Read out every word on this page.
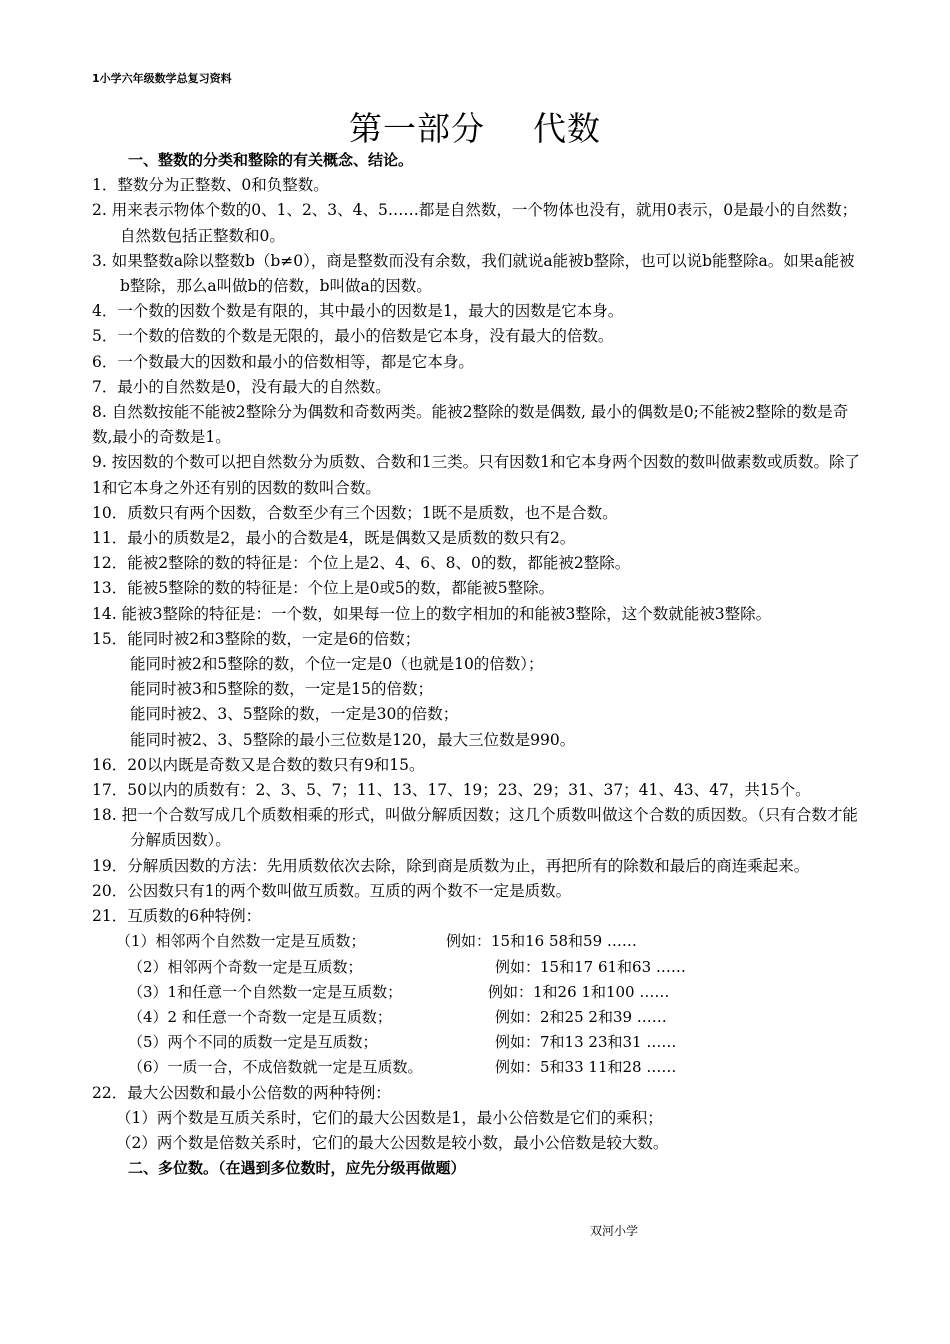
1小学六年级数学总复习资料
第一部分 代数

一、整数的分类和整除的有关概念、结论。

1．整数分为正整数、0和负整数。

2. 用来表示物体个数的0、1、2、3、4、5……都是自然数，一个物体也没有，就用0表示，0是最小的自然数；自然数包括正整数和0。

3. 如果整数a除以整数b（b≠0），商是整数而没有余数，我们就说a能被b整除，也可以说b能整除a。如果a能被b整除，那么a叫做b的倍数，b叫做a的因数。

4．一个数的因数个数是有限的，其中最小的因数是1，最大的因数是它本身。

5．一个数的倍数的个数是无限的，最小的倍数是它本身，没有最大的倍数。

6．一个数最大的因数和最小的倍数相等，都是它本身。

7．最小的自然数是0，没有最大的自然数。

8. 自然数按能不能被2整除分为偶数和奇数两类。能被2整除的数是偶数, 最小的偶数是0;不能被2整除的数是奇数,最小的奇数是1。

9. 按因数的个数可以把自然数分为质数、合数和1三类。只有因数1和它本身两个因数的数叫做素数或质数。除了1和它本身之外还有别的因数的数叫合数。

10．质数只有两个因数，合数至少有三个因数；1既不是质数，也不是合数。

11．最小的质数是2，最小的合数是4，既是偶数又是质数的数只有2。

12．能被2整除的数的特征是：个位上是2、4、6、8、0的数，都能被2整除。

13．能被5整除的数的特征是：个位上是0或5的数，都能被5整除。

14. 能被3整除的特征是：一个数，如果每一位上的数字相加的和能被3整除，这个数就能被3整除。

15．能同时被2和3整除的数，一定是6的倍数；

能同时被2和5整除的数，个位一定是0（也就是10的倍数）；

能同时被3和5整除的数，一定是15的倍数；

能同时被2、3、5整除的数，一定是30的倍数；

能同时被2、3、5整除的最小三位数是120，最大三位数是990。

16．20以内既是奇数又是合数的数只有9和15。

17．50以内的质数有：2、3、5、7；11、13、17、19；23、29；31、37；41、43、47，共15个。

18. 把一个合数写成几个质数相乘的形式，叫做分解质因数；这几个质数叫做这个合数的质因数。（只有合数才能分解质因数）。

19．分解质因数的方法：先用质数依次去除，除到商是质数为止，再把所有的除数和最后的商连乘起来。

20．公因数只有1的两个数叫做互质数。互质的两个数不一定是质数。

21．互质数的6种特例：

（1）相邻两个自然数一定是互质数；	例如：15和16 58和59 ……

（2）相邻两个奇数一定是互质数；	例如：15和17 61和63 ……

（3）1和任意一个自然数一定是互质数；	例如：1和26 1和100 ……

（4）2 和任意一个奇数一定是互质数；	例如：2和25 2和39 ……

（5）两个不同的质数一定是互质数；	例如：7和13 23和31 ……

（6）一质一合，不成倍数就一定是互质数。	例如：5和33 11和28 ……

22．最大公因数和最小公倍数的两种特例：

（1）两个数是互质关系时，它们的最大公因数是1，最小公倍数是它们的乘积；

（2）两个数是倍数关系时，它们的最大公因数是较小数，最小公倍数是较大数。

二、多位数。（在遇到多位数时，应先分级再做题）

双河小学
